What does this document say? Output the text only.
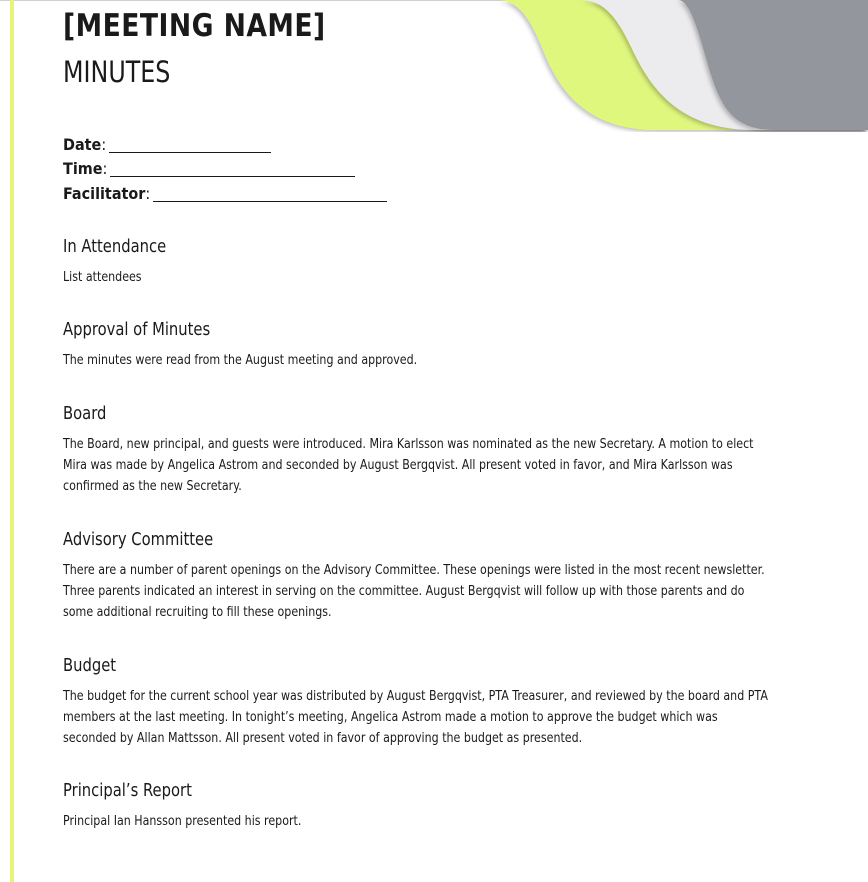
[MEETING NAME]
MINUTES
Date :
Time :
Facilitator :
In Attendance

List attendees

Approval of Minutes

The minutes were read from the August meeting and approved.

Board

The Board, new principal, and guests were introduced. Mira Karlsson was nominated as the new Secretary. A motion to elect Mira was made by Angelica Astrom and seconded by August Bergqvist. All present voted in favor, and Mira Karlsson was confirmed as the new Secretary.

Advisory Committee

There are a number of parent openings on the Advisory Committee. These openings were listed in the most recent newsletter. Three parents indicated an interest in serving on the committee. August Bergqvist will follow up with those parents and do some additional recruiting to fill these openings.

Budget

The budget for the current school year was distributed by August Bergqvist, PTA Treasurer, and reviewed by the board and PTA members at the last meeting. In tonight’s meeting, Angelica Astrom made a motion to approve the budget which was seconded by Allan Mattsson. All present voted in favor of approving the budget as presented.

Principal’s Report

Principal Ian Hansson presented his report.
